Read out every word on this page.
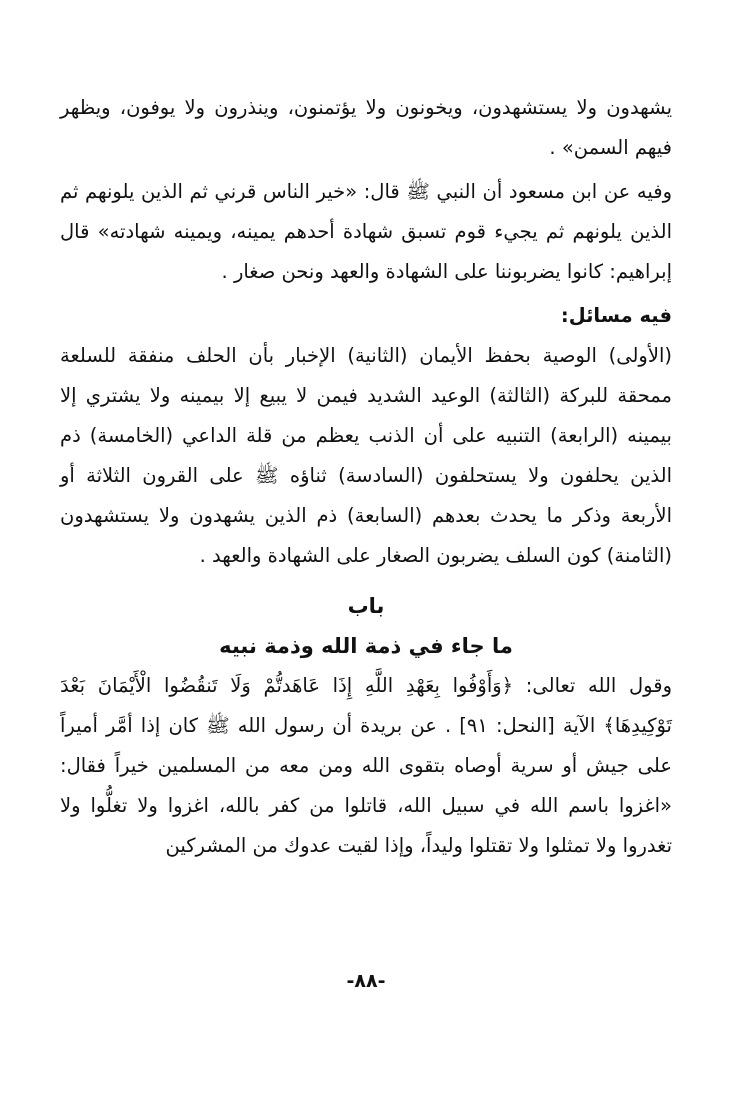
يشهدون ولا يستشهدون، ويخونون ولا يؤتمنون، وينذرون ولا يوفون، ويظهر فيهم السمن» .

وفيه عن ابن مسعود أن النبي ﷺ قال: «خير الناس قرني ثم الذين يلونهم ثم الذين يلونهم ثم يجيء قوم تسبق شهادة أحدهم يمينه، ويمينه شهادته» قال إبراهيم: كانوا يضربوننا على الشهادة والعهد ونحن صغار .

فيه مسائل:

(الأولى) الوصية بحفظ الأيمان (الثانية) الإخبار بأن الحلف منفقة للسلعة ممحقة للبركة (الثالثة) الوعيد الشديد فيمن لا يبيع إلا بيمينه ولا يشتري إلا بيمينه (الرابعة) التنبيه على أن الذنب يعظم من قلة الداعي (الخامسة) ذم الذين يحلفون ولا يستحلفون (السادسة) ثناؤه ﷺ على القرون الثلاثة أو الأربعة وذكر ما يحدث بعدهم (السابعة) ذم الذين يشهدون ولا يستشهدون (الثامنة) كون السلف يضربون الصغار على الشهادة والعهد .

باب

ما جاء في ذمة الله وذمة نبيه

وقول الله تعالى: ﴿وَأَوْفُوا بِعَهْدِ اللَّهِ إِذَا عَاهَدتُّمْ وَلَا تَنقُضُوا الْأَيْمَانَ بَعْدَ تَوْكِيدِهَا﴾ الآية [النحل: ٩١] . عن بريدة أن رسول الله ﷺ كان إذا أمَّر أميراً على جيش أو سرية أوصاه بتقوى الله ومن معه من المسلمين خيراً فقال: «اغزوا باسم الله في سبيل الله، قاتلوا من كفر بالله، اغزوا ولا تغلُّوا ولا تغدروا ولا تمثلوا ولا تقتلوا وليداً، وإذا لقيت عدوك من المشركين

-٨٨-
